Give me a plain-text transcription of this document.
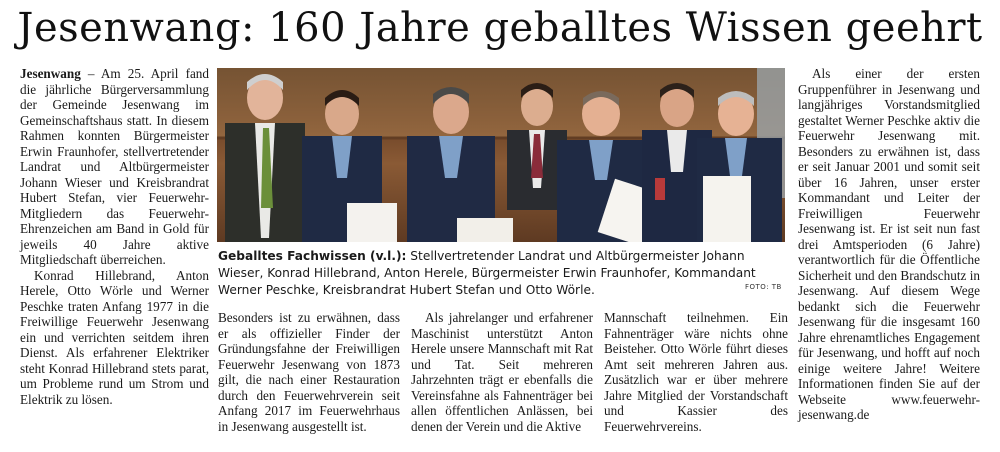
Jesenwang: 160 Jahre geballtes Wissen geehrt

Jesenwang – Am 25. April fand die jährliche Bürgerversammlung der Gemeinde Jesenwang im Gemeinschaftshaus statt. In diesem Rahmen konnten Bürgermeister Erwin Fraunhofer, stellvertretender Landrat und Altbürgermeister Johann Wieser und Kreisbrandrat Hubert Stefan, vier Feuerwehr-Mitgliedern das Feuerwehr-Ehrenzeichen am Band in Gold für jeweils 40 Jahre aktive Mitgliedschaft überreichen.

Konrad Hillebrand, Anton Herele, Otto Wörle und Werner Peschke traten Anfang 1977 in die Freiwillige Feuerwehr Jesenwang ein und verrichten seitdem ihren Dienst. Als erfahrener Elektriker steht Konrad Hillebrand stets parat, um Probleme rund um Strom und Elektrik zu lösen.

Geballtes Fachwissen (v.l.): Stellvertretender Landrat und Altbürgermeister Johann Wieser, Konrad Hillebrand, Anton Herele, Bürgermeister Erwin Fraunhofer, Kommandant Werner Peschke, Kreisbrandrat Hubert Stefan und Otto Wörle.	FOTO: TB

Besonders ist zu erwähnen, dass er als offizieller Finder der Gründungsfahne der Freiwilligen Feuerwehr Jesenwang von 1873 gilt, die nach einer Restauration durch den Feuerwehrverein seit Anfang 2017 im Feuerwehrhaus in Jesenwang ausgestellt ist.

Als jahrelanger und erfahrener Maschinist unterstützt Anton Herele unsere Mannschaft mit Rat und Tat. Seit mehreren Jahrzehnten trägt er ebenfalls die Vereinsfahne als Fahnenträger bei allen öffentlichen Anlässen, bei denen der Verein und die Aktive

Mannschaft teilnehmen. Ein Fahnenträger wäre nichts ohne Beisteher. Otto Wörle führt dieses Amt seit mehreren Jahren aus. Zusätzlich war er über mehrere Jahre Mitglied der Vorstandschaft und Kassier des Feuerwehrvereins.

Als einer der ersten Gruppenführer in Jesenwang und langjähriges Vorstandsmitglied gestaltet Werner Peschke aktiv die Feuerwehr Jesenwang mit. Besonders zu erwähnen ist, dass er seit Januar 2001 und somit seit über 16 Jahren, unser erster Kommandant und Leiter der Freiwilligen Feuerwehr Jesenwang ist. Er ist seit nun fast drei Amtsperioden (6 Jahre) verantwortlich für die Öffentliche Sicherheit und den Brandschutz in Jesenwang. Auf diesem Wege bedankt sich die Feuerwehr Jesenwang für die insgesamt 160 Jahre ehrenamtliches Engagement für Jesenwang, und hofft auf noch einige weitere Jahre! Weitere Informationen finden Sie auf der Webseite www.feuerwehr-jesenwang.de
